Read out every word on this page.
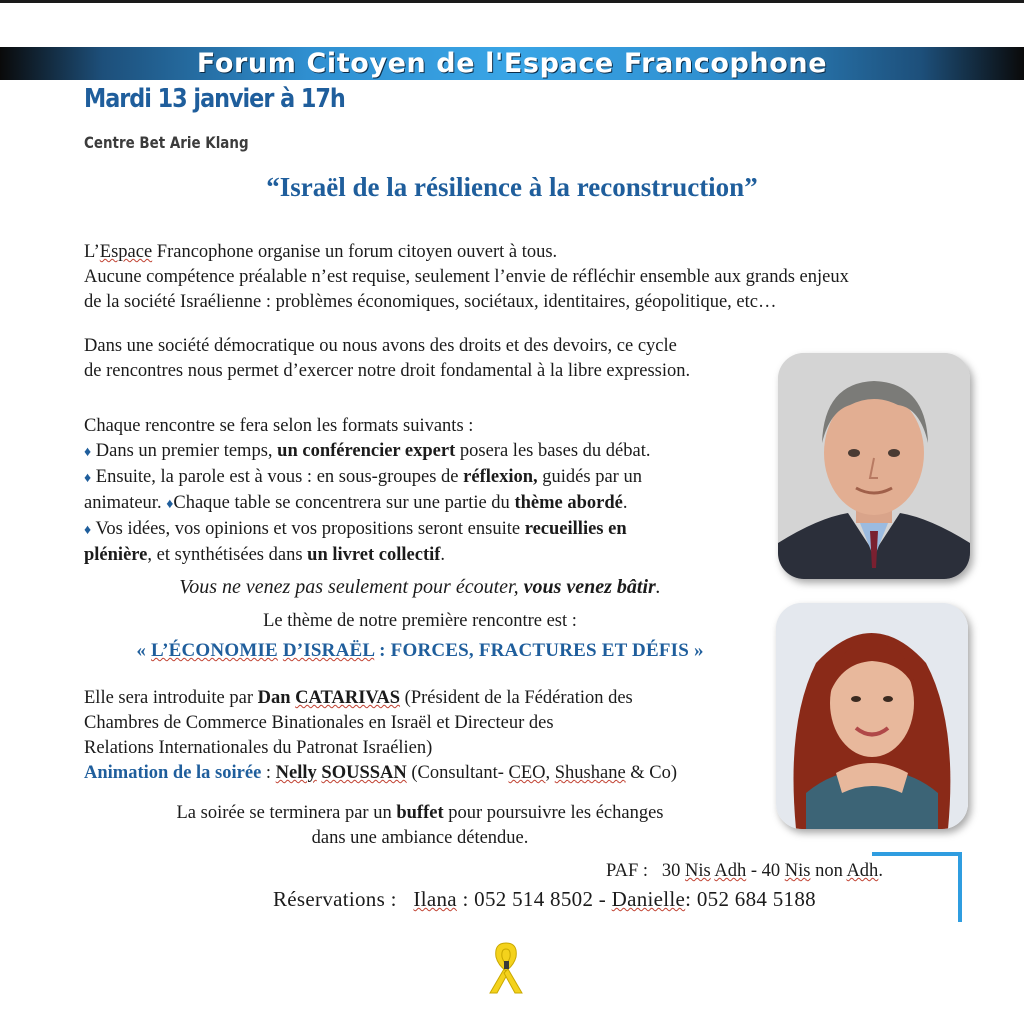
Forum Citoyen de l'Espace Francophone
Mardi 13 janvier à 17h
Centre Bet Arie Klang
“Israël de la résilience à la reconstruction”
L’Espace Francophone organise un forum citoyen ouvert à tous.
Aucune compétence préalable n’est requise, seulement l’envie de réfléchir ensemble aux grands enjeux
de la société Israélienne : problèmes économiques, sociétaux, identitaires, géopolitique, etc…
Dans une société démocratique ou nous avons des droits et des devoirs, ce cycle
de rencontres nous permet d’exercer notre droit fondamental à la libre expression.
Chaque rencontre se fera selon les formats suivants :
♦ Dans un premier temps, un conférencier expert posera les bases du débat.
♦ Ensuite, la parole est à vous : en sous-groupes de réflexion, guidés par un
animateur. ♦Chaque table se concentrera sur une partie du thème abordé.
♦ Vos idées, vos opinions et vos propositions seront ensuite recueillies en
plénière, et synthétisées dans un livret collectif.
Vous ne venez pas seulement pour écouter, vous venez bâtir.
Le thème de notre première rencontre est :
« L’ÉCONOMIE D’ISRAËL : FORCES, FRACTURES ET DÉFIS »
Elle sera introduite par Dan CATARIVAS (Président de la Fédération des
Chambres de Commerce Binationales en Israël et Directeur des
Relations Internationales du Patronat Israélien)
Animation de la soirée : Nelly SOUSSAN (Consultant- CEO, Shushane & Co)
La soirée se terminera par un buffet pour poursuivre les échanges
dans une ambiance détendue.
PAF : 30 Nis Adh - 40 Nis non Adh.
Réservations : Ilana : 052 514 8502 - Danielle: 052 684 5188
